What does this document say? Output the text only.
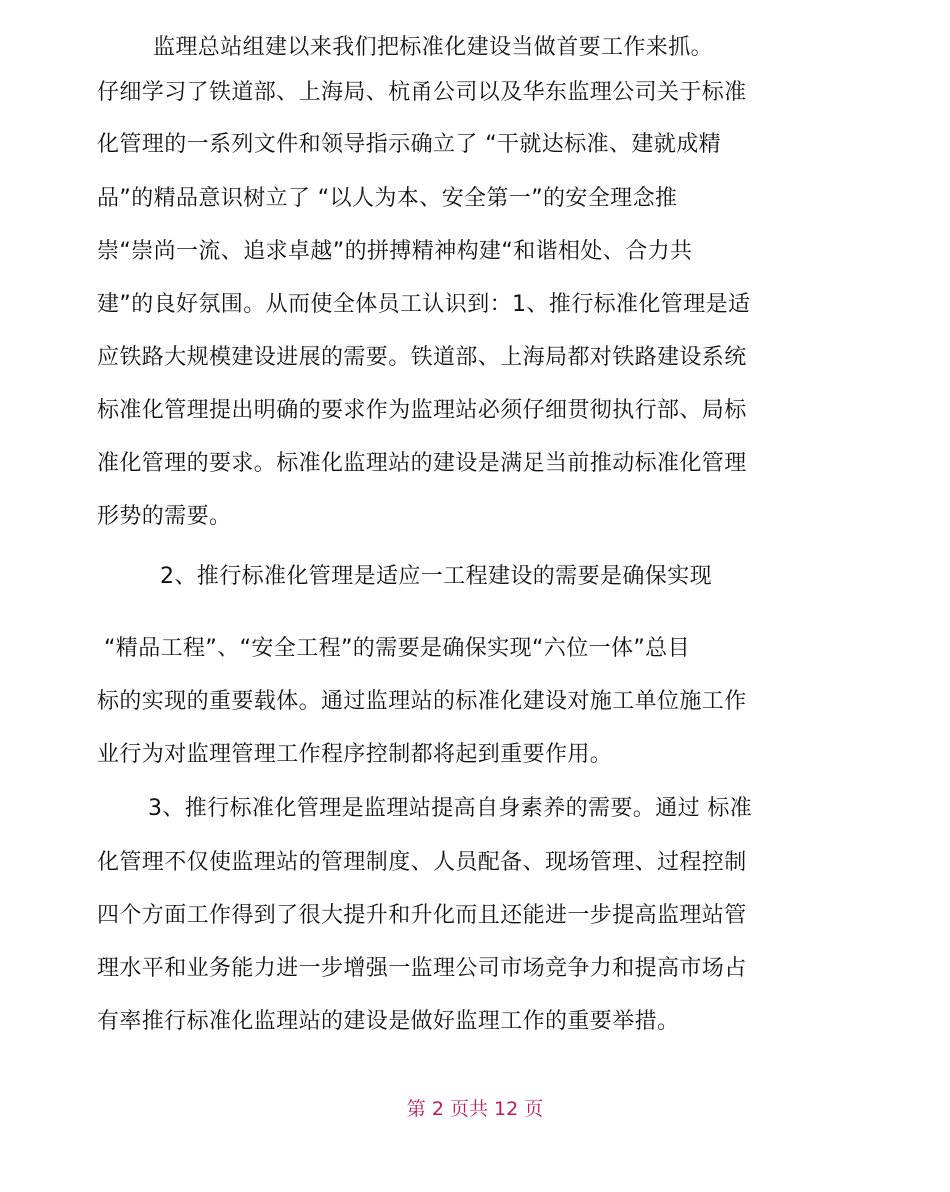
监理总站组建以来我们把标准化建设当做首要工作来抓。
仔细学习了铁道部、上海局、杭甬公司以及华东监理公司关于标准
化管理的一系列文件和领导指示确立了 “干就达标准、建就成精
品”的精品意识树立了 “以人为本、安全第一”的安全理念推
崇“崇尚一流、追求卓越”的拼搏精神构建“和谐相处、合力共
建”的良好氛围。从而使全体员工认识到：1、推行标准化管理是适
应铁路大规模建设进展的需要。铁道部、上海局都对铁路建设系统
标准化管理提出明确的要求作为监理站必须仔细贯彻执行部、局标
准化管理的要求。标准化监理站的建设是满足当前推动标准化管理
形势的需要。
2、推行标准化管理是适应一工程建设的需要是确保实现
“精品工程”、“安全工程”的需要是确保实现“六位一体”总目
标的实现的重要载体。通过监理站的标准化建设对施工单位施工作
业行为对监理管理工作程序控制都将起到重要作用。
3、推行标准化管理是监理站提高自身素养的需要。通过 标准
化管理不仅使监理站的管理制度、人员配备、现场管理、过程控制
四个方面工作得到了很大提升和升化而且还能进一步提高监理站管
理水平和业务能力进一步增强一监理公司市场竞争力和提高市场占
有率推行标准化监理站的建设是做好监理工作的重要举措。
第 2 页共 12 页
